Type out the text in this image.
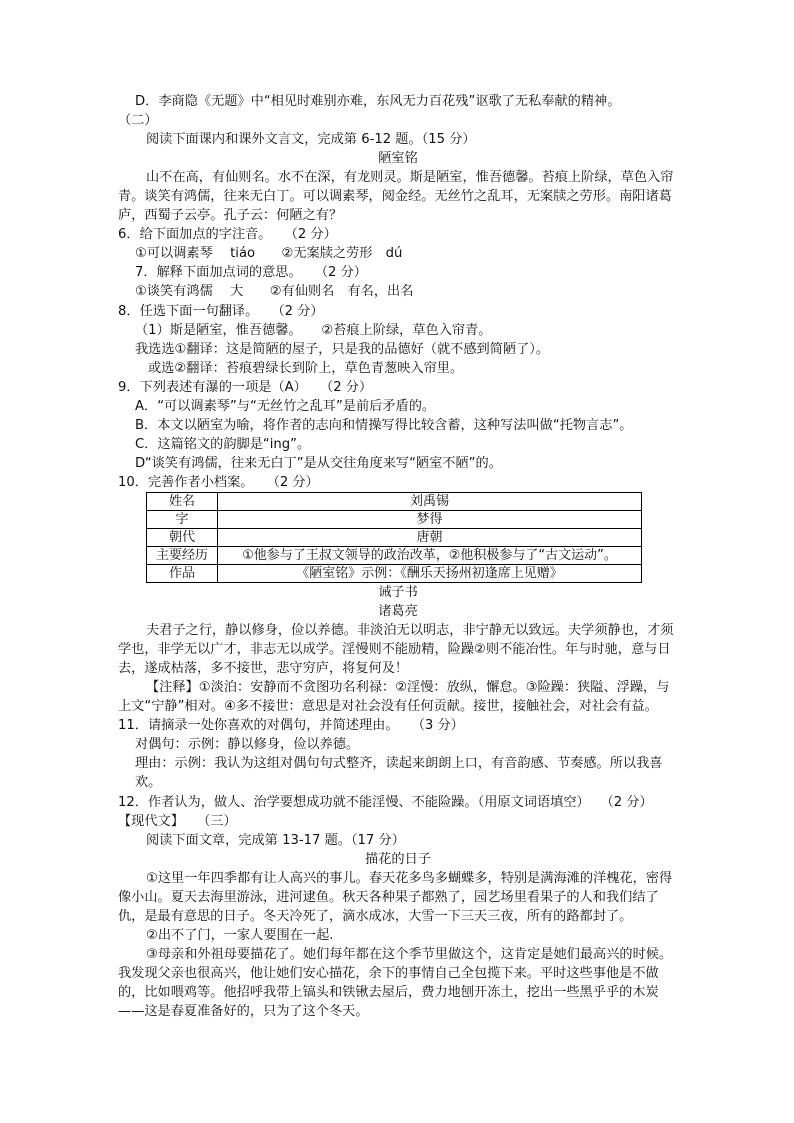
D．李商隐《无题》中“相见时难别亦难，东风无力百花残”讴歌了无私奉献的精神。

（二）

阅读下面课内和课外文言文，完成第 6-12 题。（15 分）

陋室铭

山不在高，有仙则名。水不在深，有龙则灵。斯是陋室，惟吾德馨。苔痕上阶绿，草色入帘青。谈笑有鸿儒，往来无白丁。可以调素琴，阅金经。无丝竹之乱耳，无案牍之劳形。南阳诸葛庐，西蜀子云亭。孔子云：何陋之有？

6．给下面加点的字注音。　　（2 分）

①可以调素琴　 tiáo　　②无案牍之劳形　dú

7．解释下面加点词的意思。　　（2 分）

①谈笑有鸿儒　 大　　②有仙则名　有名，出名

8．任选下面一句翻译。　　（2 分）

（1）斯是陋室，惟吾德馨。　　②苔痕上阶绿，草色入帘青。

我选选①翻译：这是简陋的屋子，只是我的品德好（就不感到简陋了）。

或选②翻译：苔痕碧绿长到阶上，草色青葱映入帘里。

9．下列表述有瀑的一项是（A）　　（2 分）

A．“可以调素琴”与“无丝竹之乱耳”是前后矛盾的。

B．本文以陋室为喻，将作者的志向和情操写得比较含蓄，这种写法叫做“托物言志”。

C．这篇铭文的韵脚是“ing”。

D“谈笑有鸿儒，往来无白丁”是从交往角度来写“陋室不陋”的。

10．完善作者小档案。　　（2 分）

姓名	刘禹锡
字	梦得
朝代	唐朝
主要经历	①他参与了王叔文领导的政治改革，②他积极参与了“古文运动”。
作品	《陋室铭》示例：《酬乐天扬州初逢席上见赠》

诫子书

诸葛亮

夫君子之行，静以修身，俭以养德。非淡泊无以明志，非宁静无以致远。夫学须静也，才须学也，非学无以广才，非志无以成学。淫慢则不能励精，险躁②则不能冶性。年与时驰，意与日去，遂成枯落，多不接世，悲守穷庐，将复何及！

【注释】①淡泊：安静而不贪图功名利禄：②淫慢：放纵，懈怠。③险躁：狭隘、浮躁，与上文“宁静”相对。④多不接世：意思是对社会没有任何贡献。接世，接触社会，对社会有益。

11．请摘录一处你喜欢的对偶句，并简述理由。　　（3 分）

对偶句：示例：静以修身，俭以养德。

理由：示例：我认为这组对偶句句式整齐，读起来朗朗上口，有音韵感、节奏感。所以我喜欢。

12．作者认为，做人、治学要想成功就不能淫慢、不能险躁。（用原文词语填空）　 （2 分）

【现代文】　　（三）

阅读下面文章，完成第 13-17 题。（17 分）

描花的日子

①这里一年四季都有让人高兴的事儿。春天花多鸟多蝴蝶多，特别是满海滩的洋槐花，密得像小山。夏天去海里游泳，进河逮鱼。秋天各种果子都熟了，园艺场里看果子的人和我们结了仇，是最有意思的日子。冬天冷死了，滴水成冰，大雪一下三天三夜，所有的路都封了。

②出不了门，一家人要围在一起.

③母亲和外祖母要描花了。她们每年都在这个季节里做这个，这肯定是她们最高兴的时候。我发现父亲也很高兴，他让她们安心描花，余下的事情自己全包揽下来。平时这些事他是不做的，比如喂鸡等。他招呼我带上镐头和铁锹去屋后，费力地刨开冻土，挖出一些黑乎乎的木炭——这是春夏准备好的，只为了这个冬天。
